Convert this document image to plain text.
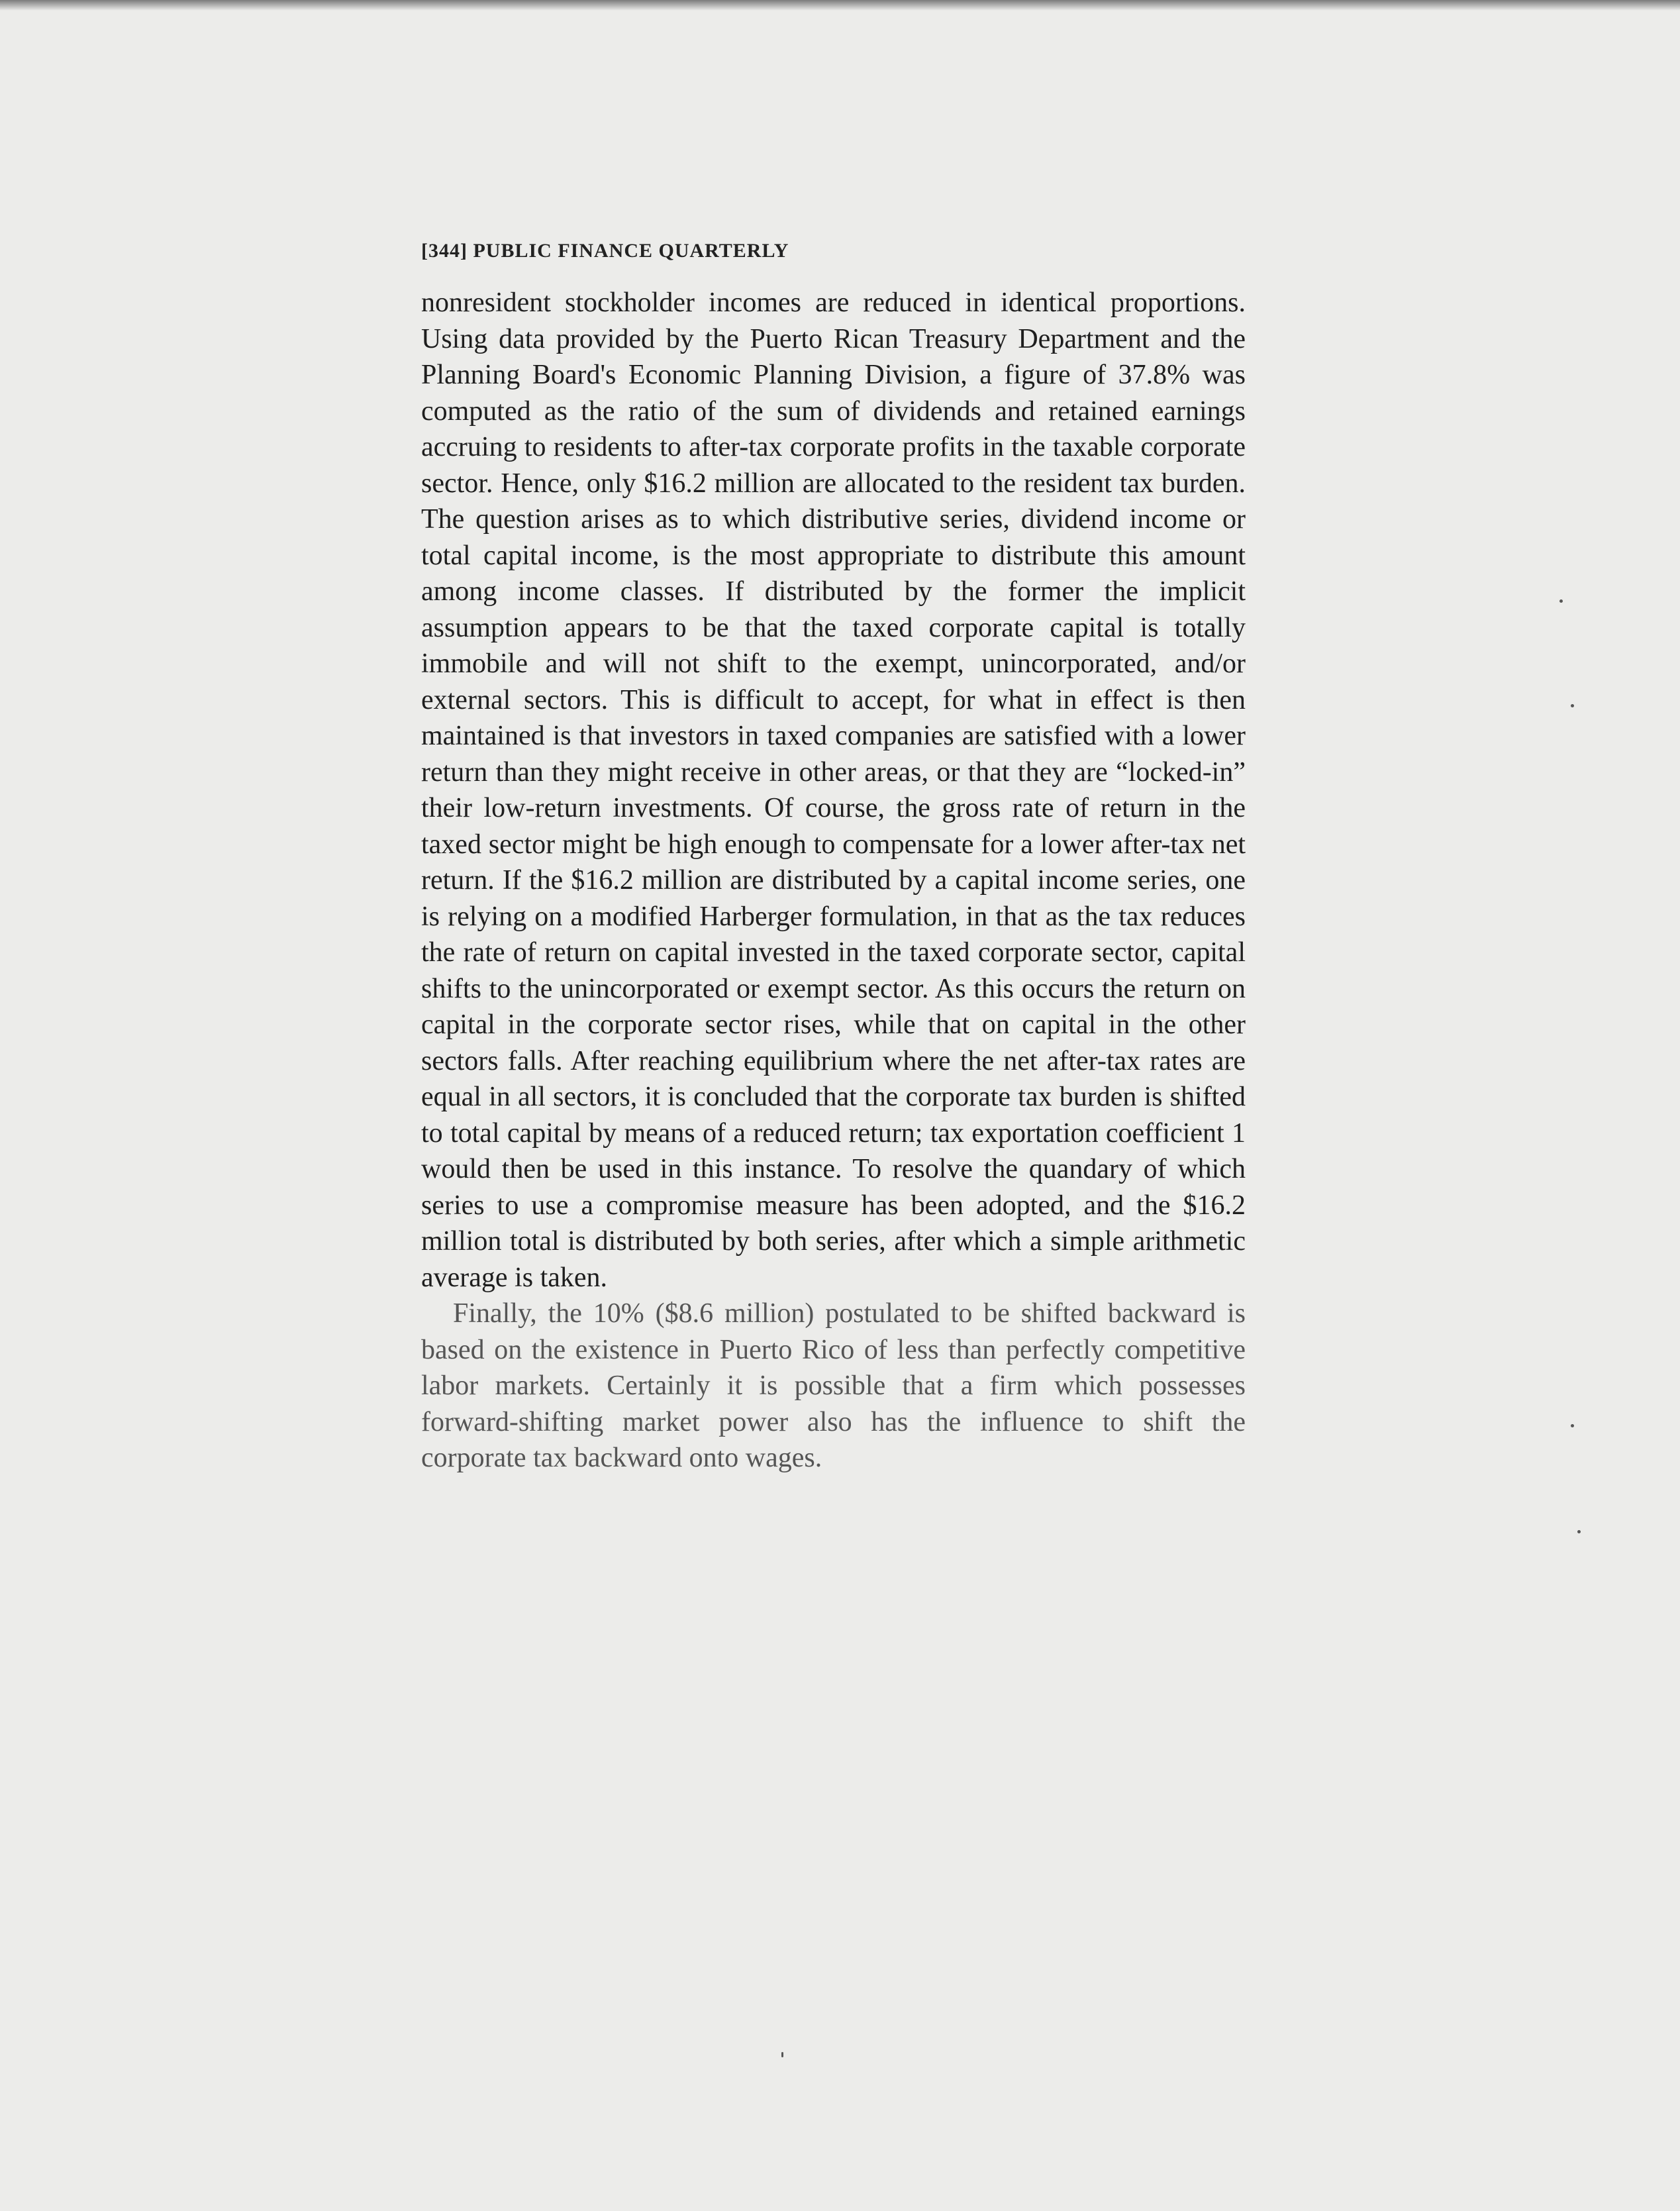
[344] PUBLIC FINANCE QUARTERLY

nonresident stockholder incomes are reduced in identical proportions. Using data provided by the Puerto Rican Treasury Department and the Planning Board's Economic Planning Division, a figure of 37.8% was computed as the ratio of the sum of dividends and retained earnings accruing to residents to after-tax corporate profits in the taxable corporate sector. Hence, only $16.2 million are allocated to the resident tax burden. The question arises as to which distributive series, dividend income or total capital income, is the most appropriate to distribute this amount among income classes. If distributed by the former the implicit assumption appears to be that the taxed corporate capital is totally immobile and will not shift to the exempt, unincorporated, and/or external sectors. This is difficult to accept, for what in effect is then maintained is that investors in taxed companies are satisfied with a lower return than they might receive in other areas, or that they are “locked-in” their low-return investments. Of course, the gross rate of return in the taxed sector might be high enough to compensate for a lower after-tax net return. If the $16.2 million are distributed by a capital income series, one is relying on a modified Harberger formulation, in that as the tax reduces the rate of return on capital invested in the taxed corporate sector, capital shifts to the unincorporated or exempt sector. As this occurs the return on capital in the corporate sector rises, while that on capital in the other sectors falls. After reaching equilibrium where the net after-tax rates are equal in all sectors, it is concluded that the corporate tax burden is shifted to total capital by means of a reduced return; tax exportation coefficient 1 would then be used in this instance. To resolve the quandary of which series to use a compromise measure has been adopted, and the $16.2 million total is distributed by both series, after which a simple arithmetic average is taken.

Finally, the 10% ($8.6 million) postulated to be shifted backward is based on the existence in Puerto Rico of less than perfectly competitive labor markets. Certainly it is possible that a firm which possesses forward-shifting market power also has the influence to shift the corporate tax backward onto wages.
